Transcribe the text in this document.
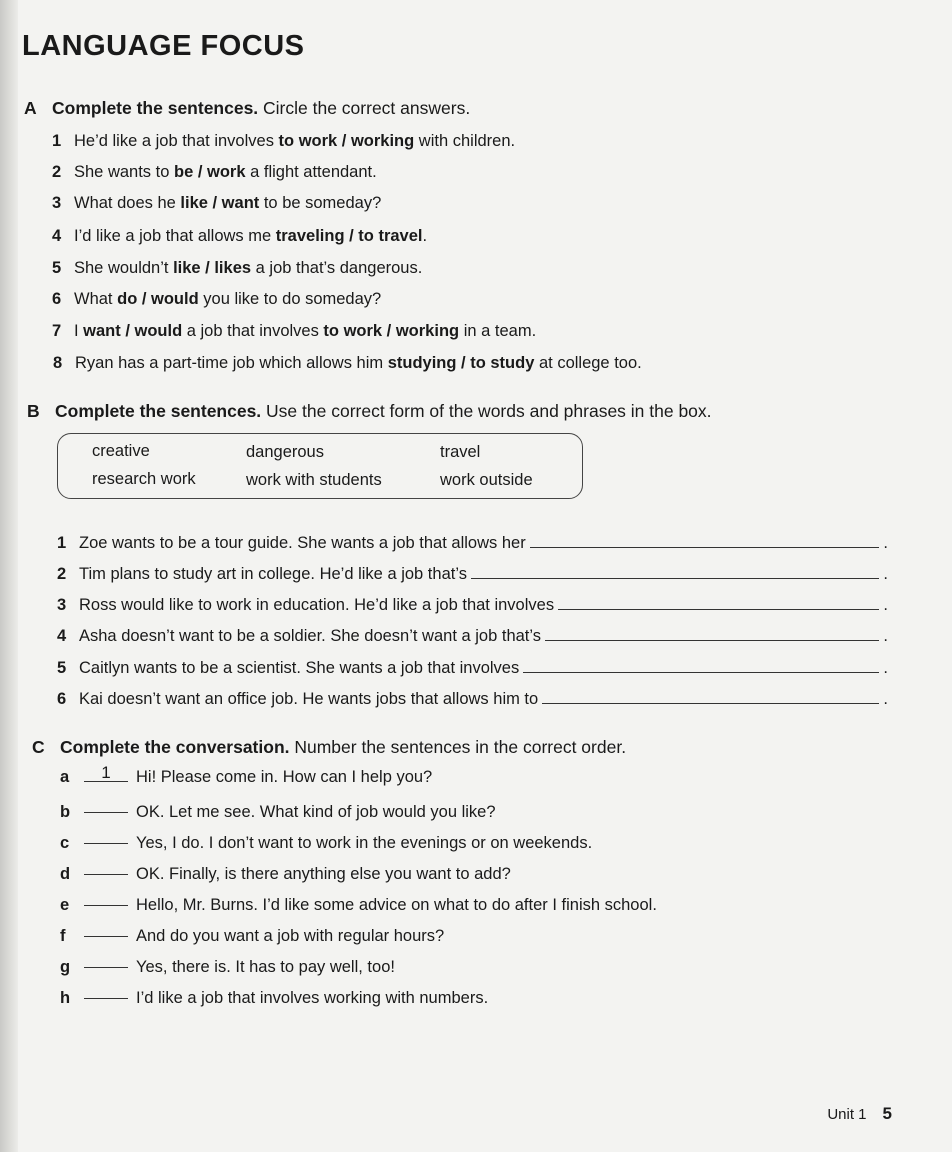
LANGUAGE FOCUS
A Complete the sentences. Circle the correct answers.
1 He’d like a job that involves to work / working with children.
2 She wants to be / work a flight attendant.
3 What does he like / want to be someday?
4 I’d like a job that allows me traveling / to travel.
5 She wouldn’t like / likes a job that’s dangerous.
6 What do / would you like to do someday?
7 I want / would a job that involves to work / working in a team.
8 Ryan has a part-time job which allows him studying / to study at college too.
B Complete the sentences. Use the correct form of the words and phrases in the box.
creative	dangerous	travel
research work	work with students	work outside
1 Zoe wants to be a tour guide. She wants a job that allows her	.
2 Tim plans to study art in college. He’d like a job that’s	.
3 Ross would like to work in education. He’d like a job that involves	.
4 Asha doesn’t want to be a soldier. She doesn’t want a job that’s	.
5 Caitlyn wants to be a scientist. She wants a job that involves	.
6 Kai doesn’t want an office job. He wants jobs that allows him to	.
C Complete the conversation. Number the sentences in the correct order.
a	1	Hi! Please come in. How can I help you?
b	OK. Let me see. What kind of job would you like?
c	Yes, I do. I don’t want to work in the evenings or on weekends.
d	OK. Finally, is there anything else you want to add?
e	Hello, Mr. Burns. I’d like some advice on what to do after I finish school.
f	And do you want a job with regular hours?
g	Yes, there is. It has to pay well, too!
h	I’d like a job that involves working with numbers.
Unit 1 5
